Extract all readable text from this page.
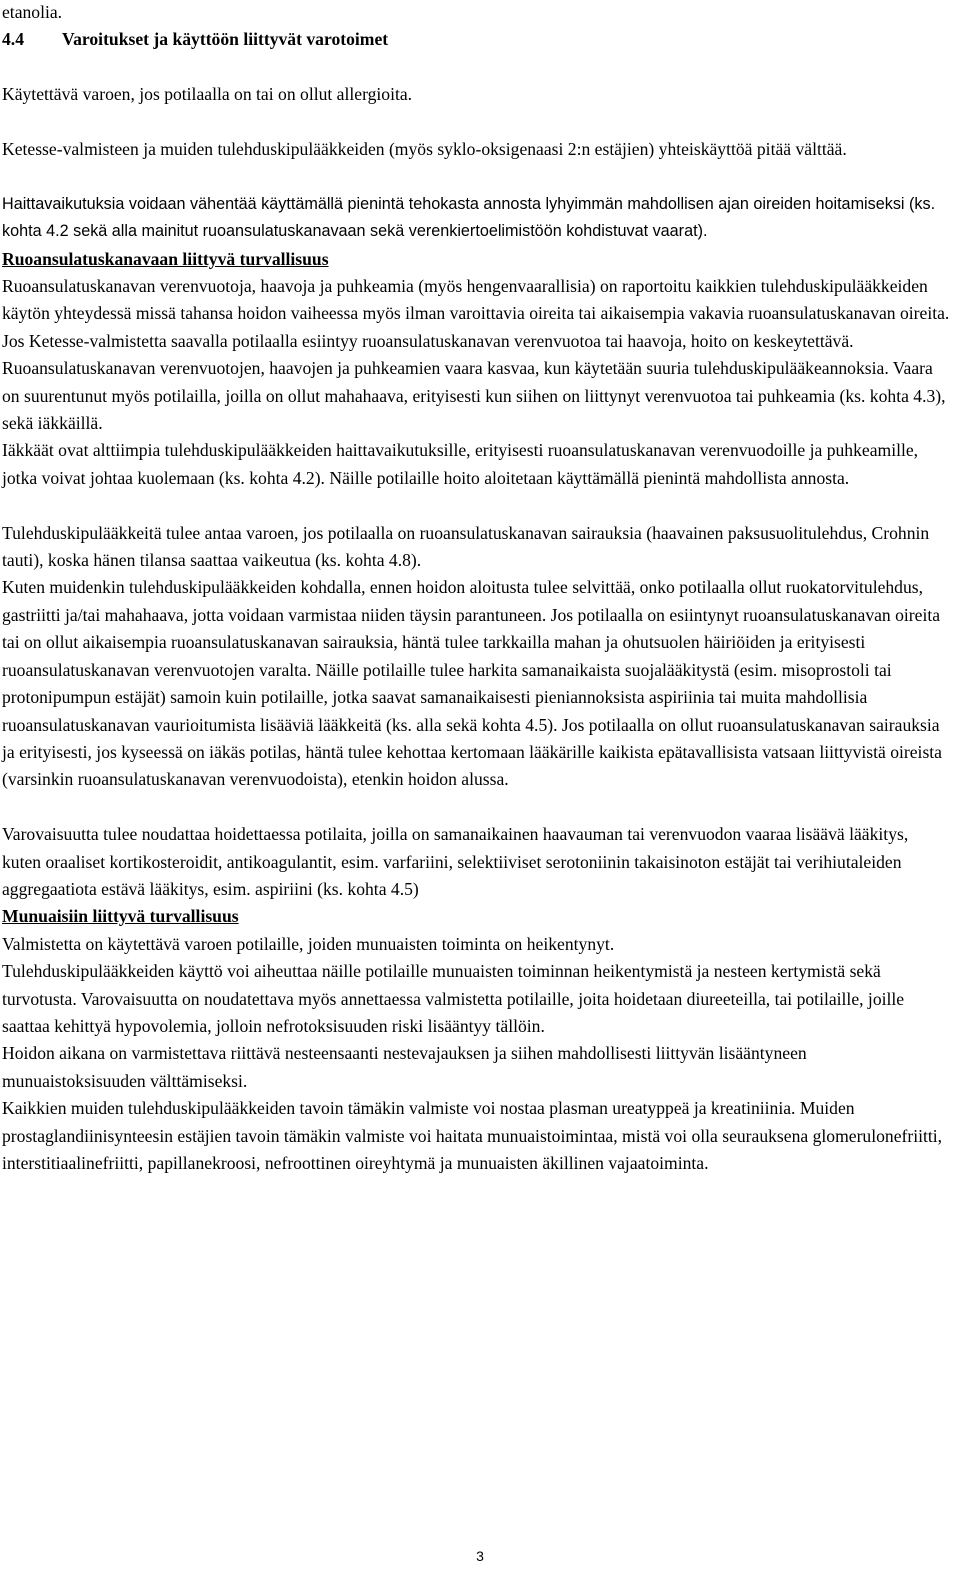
etanolia.

4.4 Varoitukset ja käyttöön liittyvät varotoimet

Käytettävä varoen, jos potilaalla on tai on ollut allergioita.

Ketesse-valmisteen ja muiden tulehduskipulääkkeiden (myös syklo-oksigenaasi 2:n estäjien) yhteiskäyttöä pitää välttää.

Haittavaikutuksia voidaan vähentää käyttämällä pienintä tehokasta annosta lyhyimmän mahdollisen ajan oireiden hoitamiseksi (ks. kohta 4.2 sekä alla mainitut ruoansulatuskanavaan sekä verenkiertoelimistöön kohdistuvat vaarat).

Ruoansulatuskanavaan liittyvä turvallisuus

Ruoansulatuskanavan verenvuotoja, haavoja ja puhkeamia (myös hengenvaarallisia) on raportoitu kaikkien tulehduskipulääkkeiden käytön yhteydessä missä tahansa hoidon vaiheessa myös ilman varoittavia oireita tai aikaisempia vakavia ruoansulatuskanavan oireita. Jos Ketesse-valmistetta saavalla potilaalla esiintyy ruoansulatuskanavan verenvuotoa tai haavoja, hoito on keskeytettävä.

Ruoansulatuskanavan verenvuotojen, haavojen ja puhkeamien vaara kasvaa, kun käytetään suuria tulehduskipulääkeannoksia. Vaara on suurentunut myös potilailla, joilla on ollut mahahaava, erityisesti kun siihen on liittynyt verenvuotoa tai puhkeamia (ks. kohta 4.3), sekä iäkkäillä.

Iäkkäät ovat alttiimpia tulehduskipulääkkeiden haittavaikutuksille, erityisesti ruoansulatuskanavan verenvuodoille ja puhkeamille, jotka voivat johtaa kuolemaan (ks. kohta 4.2). Näille potilaille hoito aloitetaan käyttämällä pienintä mahdollista annosta.

Tulehduskipulääkkeitä tulee antaa varoen, jos potilaalla on ruoansulatuskanavan sairauksia (haavainen paksusuolitulehdus, Crohnin tauti), koska hänen tilansa saattaa vaikeutua (ks. kohta 4.8).

Kuten muidenkin tulehduskipulääkkeiden kohdalla, ennen hoidon aloitusta tulee selvittää, onko potilaalla ollut ruokatorvitulehdus, gastriitti ja/tai mahahaava, jotta voidaan varmistaa niiden täysin parantuneen. Jos potilaalla on esiintynyt ruoansulatuskanavan oireita tai on ollut aikaisempia ruoansulatuskanavan sairauksia, häntä tulee tarkkailla mahan ja ohutsuolen häiriöiden ja erityisesti ruoansulatuskanavan verenvuotojen varalta. Näille potilaille tulee harkita samanaikaista suojalääkitystä (esim. misoprostoli tai protonipumpun estäjät) samoin kuin potilaille, jotka saavat samanaikaisesti pieniannoksista aspiriinia tai muita mahdollisia ruoansulatuskanavan vaurioitumista lisääviä lääkkeitä (ks. alla sekä kohta 4.5). Jos potilaalla on ollut ruoansulatuskanavan sairauksia ja erityisesti, jos kyseessä on iäkäs potilas, häntä tulee kehottaa kertomaan lääkärille kaikista epätavallisista vatsaan liittyvistä oireista (varsinkin ruoansulatuskanavan verenvuodoista), etenkin hoidon alussa.

Varovaisuutta tulee noudattaa hoidettaessa potilaita, joilla on samanaikainen haavauman tai verenvuodon vaaraa lisäävä lääkitys, kuten oraaliset kortikosteroidit, antikoagulantit, esim. varfariini, selektiiviset serotoniinin takaisinoton estäjät tai verihiutaleiden aggregaatiota estävä lääkitys, esim. aspiriini (ks. kohta 4.5)

Munuaisiin liittyvä turvallisuus

Valmistetta on käytettävä varoen potilaille, joiden munuaisten toiminta on heikentynyt.

Tulehduskipulääkkeiden käyttö voi aiheuttaa näille potilaille munuaisten toiminnan heikentymistä ja nesteen kertymistä sekä turvotusta. Varovaisuutta on noudatettava myös annettaessa valmistetta potilaille, joita hoidetaan diureeteilla, tai potilaille, joille saattaa kehittyä hypovolemia, jolloin nefrotoksisuuden riski lisääntyy tällöin.

Hoidon aikana on varmistettava riittävä nesteensaanti nestevajauksen ja siihen mahdollisesti liittyvän lisääntyneen munuaistoksisuuden välttämiseksi.

Kaikkien muiden tulehduskipulääkkeiden tavoin tämäkin valmiste voi nostaa plasman ureatyppeä ja kreatiniinia. Muiden prostaglandiinisynteesin estäjien tavoin tämäkin valmiste voi haitata munuaistoimintaa, mistä voi olla seurauksena glomerulonefriitti, interstitiaalinefriitti, papillanekroosi, nefroottinen oireyhtymä ja munuaisten äkillinen vajaatoiminta.

3
